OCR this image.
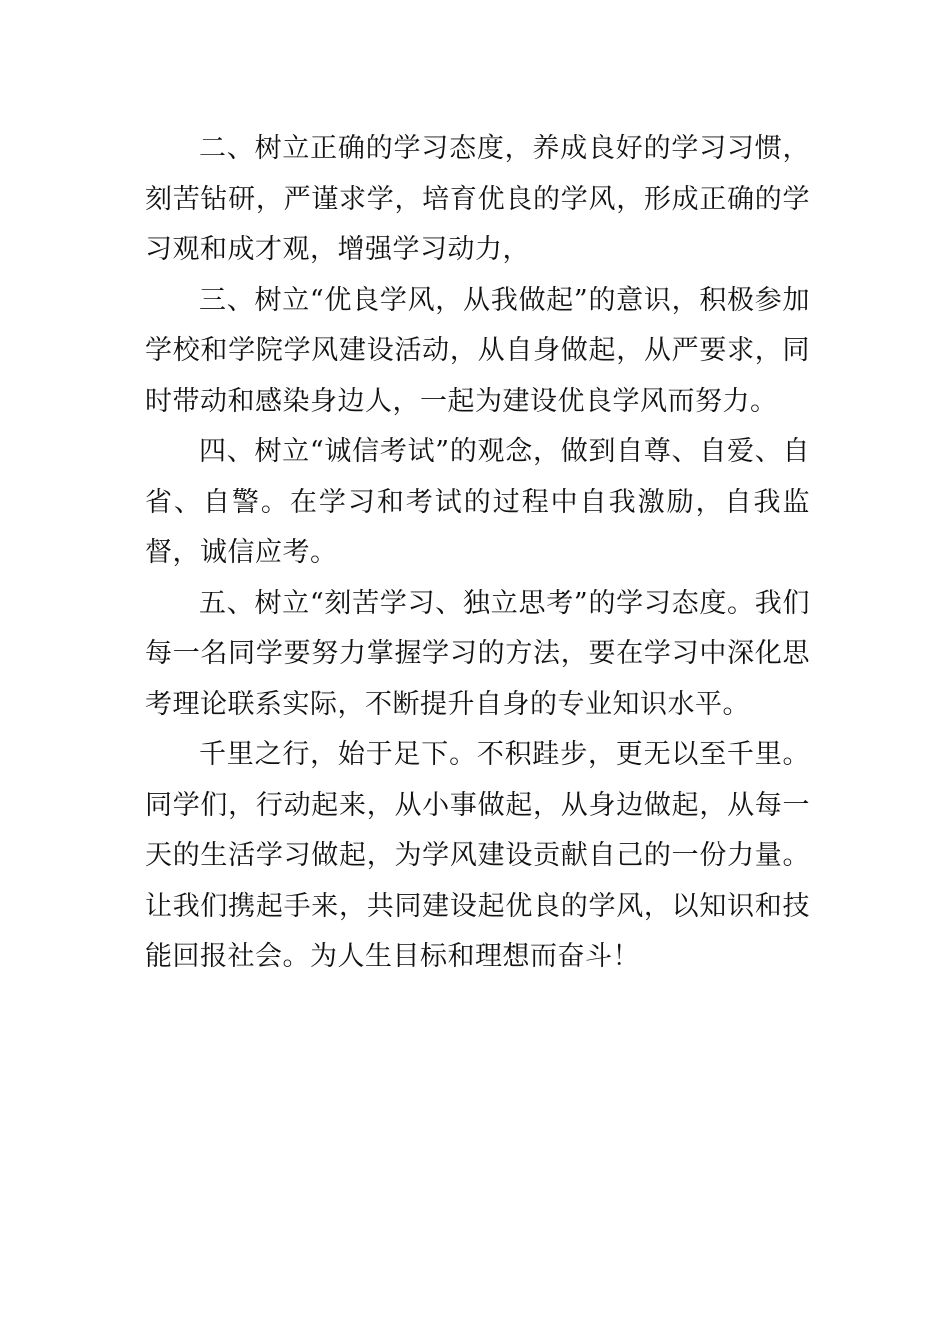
二、树立正确的学习态度，养成良好的学习习惯，刻苦钻研，严谨求学，培育优良的学风，形成正确的学习观和成才观，增强学习动力，

三、树立“优良学风，从我做起”的意识，积极参加学校和学院学风建设活动，从自身做起，从严要求，同时带动和感染身边人，一起为建设优良学风而努力。

四、树立“诚信考试”的观念，做到自尊、自爱、自省、自警。在学习和考试的过程中自我激励，自我监督，诚信应考。

五、树立“刻苦学习、独立思考”的学习态度。我们每一名同学要努力掌握学习的方法，要在学习中深化思考理论联系实际，不断提升自身的专业知识水平。

千里之行，始于足下。不积跬步，更无以至千里。同学们，行动起来，从小事做起，从身边做起，从每一天的生活学习做起，为学风建设贡献自己的一份力量。让我们携起手来，共同建设起优良的学风，以知识和技能回报社会。为人生目标和理想而奋斗！
